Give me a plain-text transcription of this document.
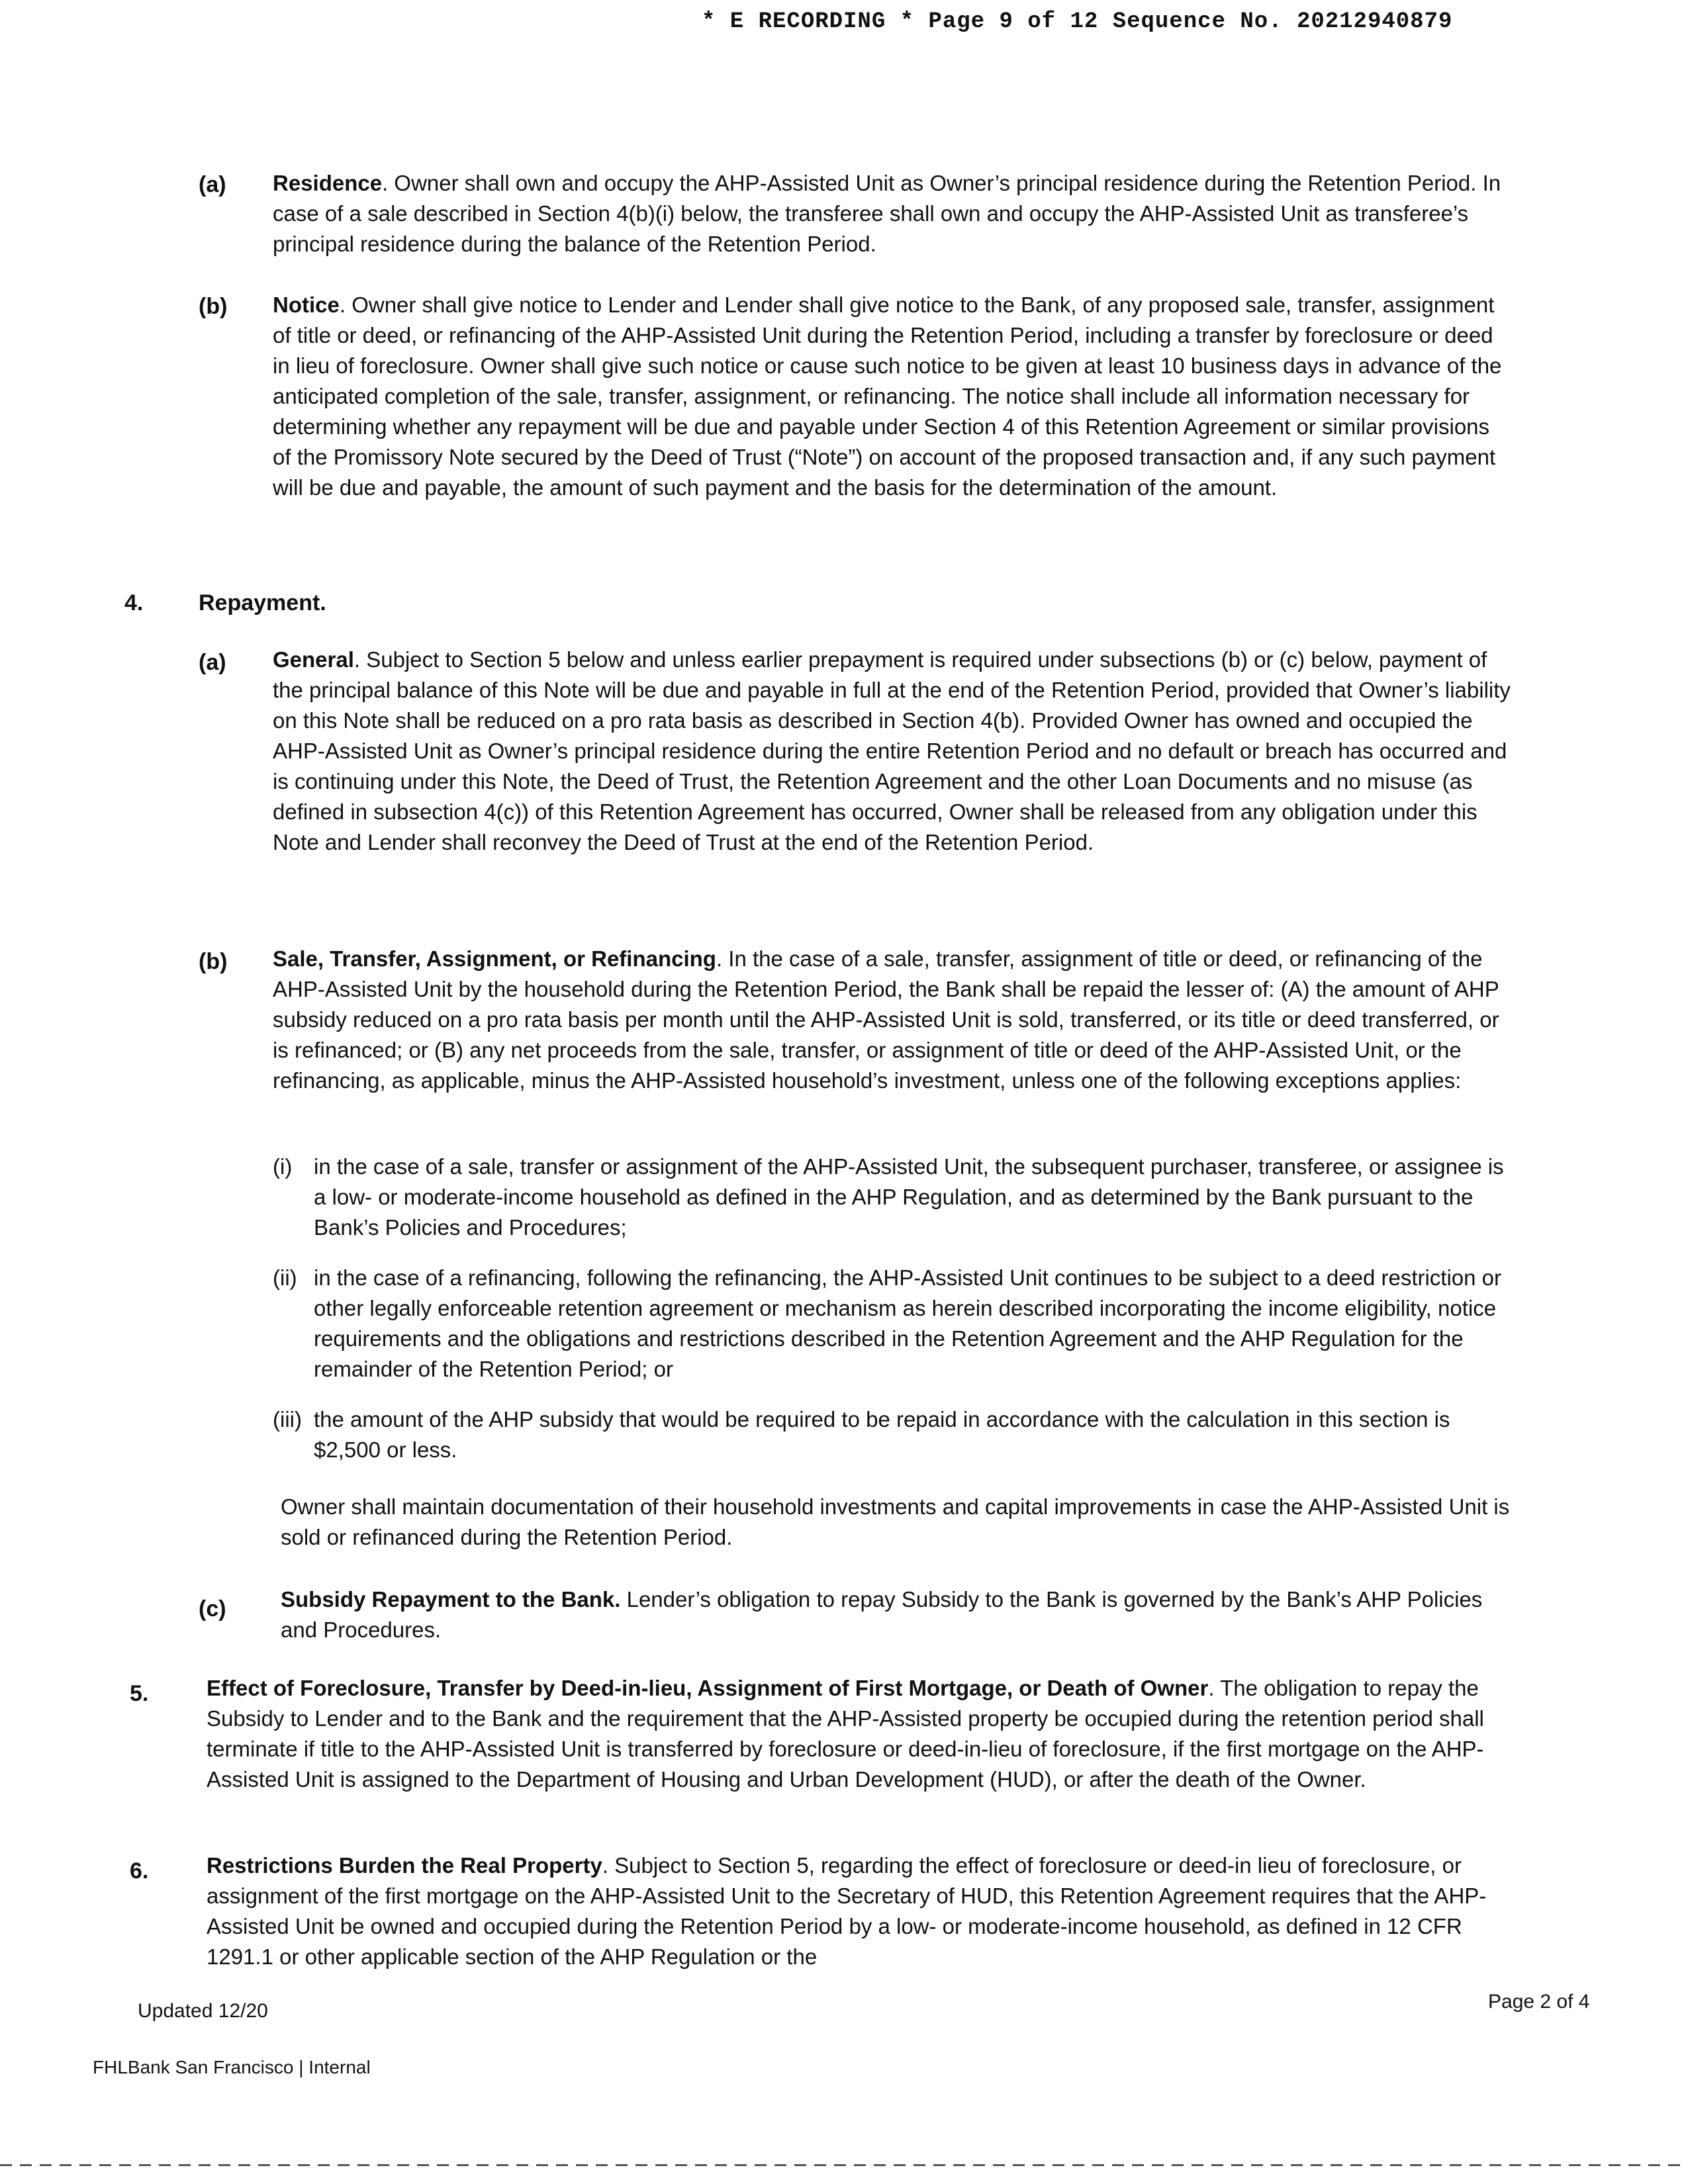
* E RECORDING * Page 9 of 12 Sequence No. 20212940879
(a) Residence. Owner shall own and occupy the AHP-Assisted Unit as Owner’s principal residence during the Retention Period. In case of a sale described in Section 4(b)(i) below, the transferee shall own and occupy the AHP-Assisted Unit as transferee’s principal residence during the balance of the Retention Period.

(b) Notice. Owner shall give notice to Lender and Lender shall give notice to the Bank, of any proposed sale, transfer, assignment of title or deed, or refinancing of the AHP-Assisted Unit during the Retention Period, including a transfer by foreclosure or deed in lieu of foreclosure. Owner shall give such notice or cause such notice to be given at least 10 business days in advance of the anticipated completion of the sale, transfer, assignment, or refinancing. The notice shall include all information necessary for determining whether any repayment will be due and payable under Section 4 of this Retention Agreement or similar provisions of the Promissory Note secured by the Deed of Trust (“Note”) on account of the proposed transaction and, if any such payment will be due and payable, the amount of such payment and the basis for the determination of the amount.

4. Repayment.
(a) General. Subject to Section 5 below and unless earlier prepayment is required under subsections (b) or (c) below, payment of the principal balance of this Note will be due and payable in full at the end of the Retention Period, provided that Owner’s liability on this Note shall be reduced on a pro rata basis as described in Section 4(b). Provided Owner has owned and occupied the AHP-Assisted Unit as Owner’s principal residence during the entire Retention Period and no default or breach has occurred and is continuing under this Note, the Deed of Trust, the Retention Agreement and the other Loan Documents and no misuse (as defined in subsection 4(c)) of this Retention Agreement has occurred, Owner shall be released from any obligation under this Note and Lender shall reconvey the Deed of Trust at the end of the Retention Period.

(b) Sale, Transfer, Assignment, or Refinancing. In the case of a sale, transfer, assignment of title or deed, or refinancing of the AHP-Assisted Unit by the household during the Retention Period, the Bank shall be repaid the lesser of: (A) the amount of AHP subsidy reduced on a pro rata basis per month until the AHP-Assisted Unit is sold, transferred, or its title or deed transferred, or is refinanced; or (B) any net proceeds from the sale, transfer, or assignment of title or deed of the AHP-Assisted Unit, or the refinancing, as applicable, minus the AHP-Assisted household’s investment, unless one of the following exceptions applies:

(i) in the case of a sale, transfer or assignment of the AHP-Assisted Unit, the subsequent purchaser, transferee, or assignee is a low- or moderate-income household as defined in the AHP Regulation, and as determined by the Bank pursuant to the Bank’s Policies and Procedures;
(ii) in the case of a refinancing, following the refinancing, the AHP-Assisted Unit continues to be subject to a deed restriction or other legally enforceable retention agreement or mechanism as herein described incorporating the income eligibility, notice requirements and the obligations and restrictions described in the Retention Agreement and the AHP Regulation for the remainder of the Retention Period; or
(iii) the amount of the AHP subsidy that would be required to be repaid in accordance with the calculation in this section is $2,500 or less.
Owner shall maintain documentation of their household investments and capital improvements in case the AHP-Assisted Unit is sold or refinanced during the Retention Period.
(c) Subsidy Repayment to the Bank. Lender’s obligation to repay Subsidy to the Bank is governed by the Bank’s AHP Policies and Procedures.

5.	Effect of Foreclosure, Transfer by Deed-in-lieu, Assignment of First Mortgage, or Death of Owner. The obligation to repay the Subsidy to Lender and to the Bank and the requirement that the AHP-Assisted property be occupied during the retention period shall terminate if title to the AHP-Assisted Unit is transferred by foreclosure or deed-in-lieu of foreclosure, if the first mortgage on the AHP-Assisted Unit is assigned to the Department of Housing and Urban Development (HUD), or after the death of the Owner.

6.	Restrictions Burden the Real Property. Subject to Section 5, regarding the effect of foreclosure or deed-in lieu of foreclosure, or assignment of the first mortgage on the AHP-Assisted Unit to the Secretary of HUD, this Retention Agreement requires that the AHP-Assisted Unit be owned and occupied during the Retention Period by a low- or moderate-income household, as defined in 12 CFR 1291.1 or other applicable section of the AHP Regulation or the

Updated 12/20	Page 2 of 4
FHLBank San Francisco | Internal
